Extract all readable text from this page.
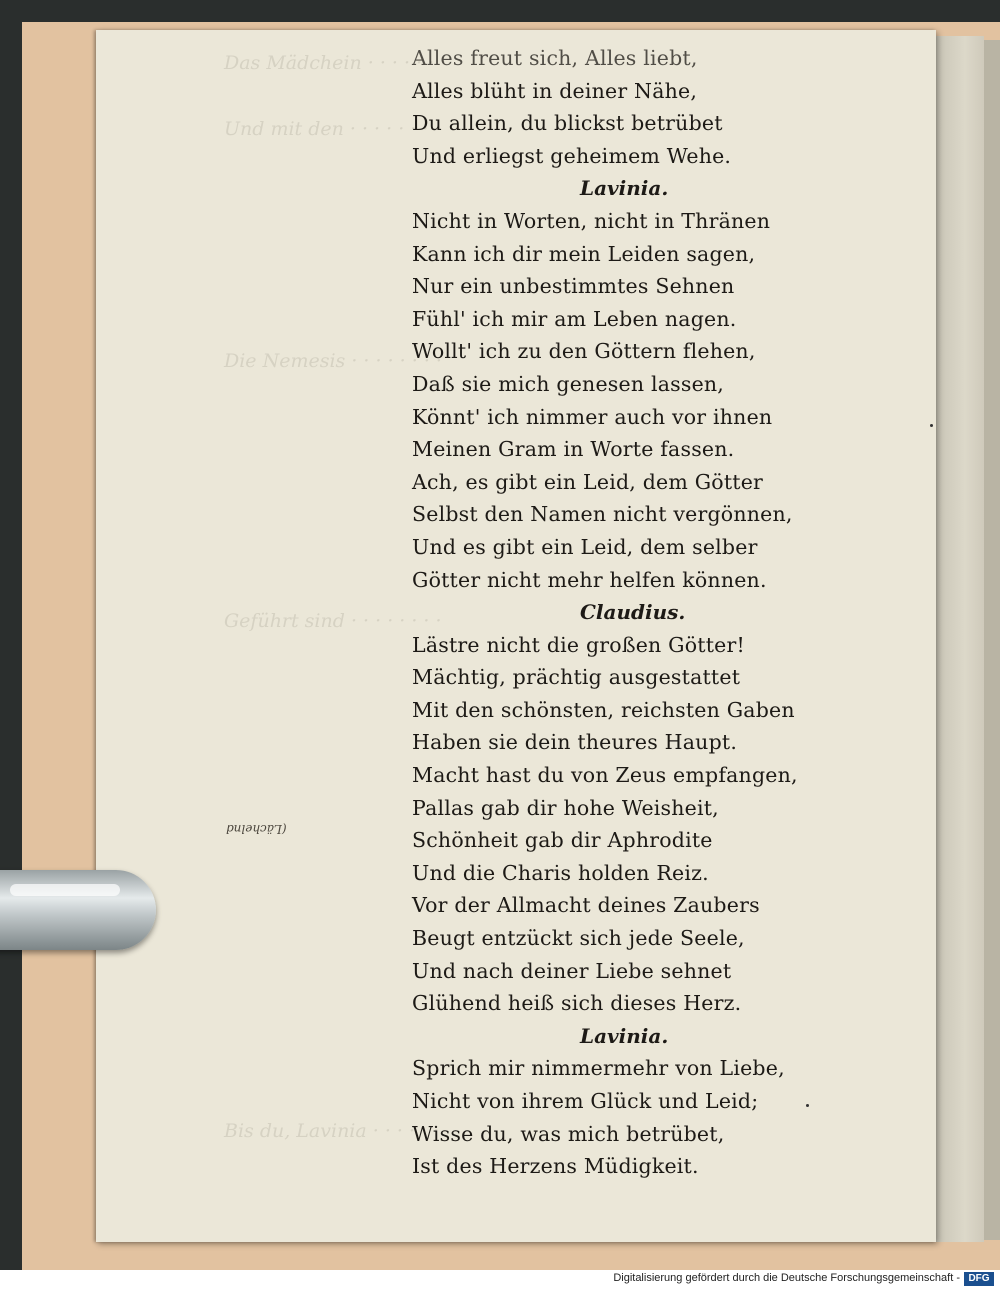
Das Mädchein · · · · · · ·
Und mit den · · · · · · · ·
Die Nemesis · · · · · · · ·
Geführt sind · · · · · · · ·
Bis du, Lavinia · · · · · ·
Alles freut sich, Alles liebt,
Alles blüht in deiner Nähe,
Du allein, du blickst betrübet
Und erliegst geheimem Wehe.
Lavinia.
Nicht in Worten, nicht in Thränen
Kann ich dir mein Leiden sagen,
Nur ein unbestimmtes Sehnen
Fühl' ich mir am Leben nagen.
Wollt' ich zu den Göttern flehen,
Daß sie mich genesen lassen,
Könnt' ich nimmer auch vor ihnen
Meinen Gram in Worte fassen.
Ach, es gibt ein Leid, dem Götter
Selbst den Namen nicht vergönnen,
Und es gibt ein Leid, dem selber
Götter nicht mehr helfen können.
Claudius.
Lästre nicht die großen Götter!
Mächtig, prächtig ausgestattet
Mit den schönsten, reichsten Gaben
Haben sie dein theures Haupt.
Macht hast du von Zeus empfangen,
Pallas gab dir hohe Weisheit,
Schönheit gab dir Aphrodite
Und die Charis holden Reiz.
Vor der Allmacht deines Zaubers
Beugt entzückt sich jede Seele,
Und nach deiner Liebe sehnet
Glühend heiß sich dieses Herz.
Lavinia.
Sprich mir nimmermehr von Liebe,
Nicht von ihrem Glück und Leid;
Wisse du, was mich betrübet,
Ist des Herzens Müdigkeit.
(Lächelnd
Digitalisierung gefördert durch die Deutsche Forschungsgemeinschaft - DFG
